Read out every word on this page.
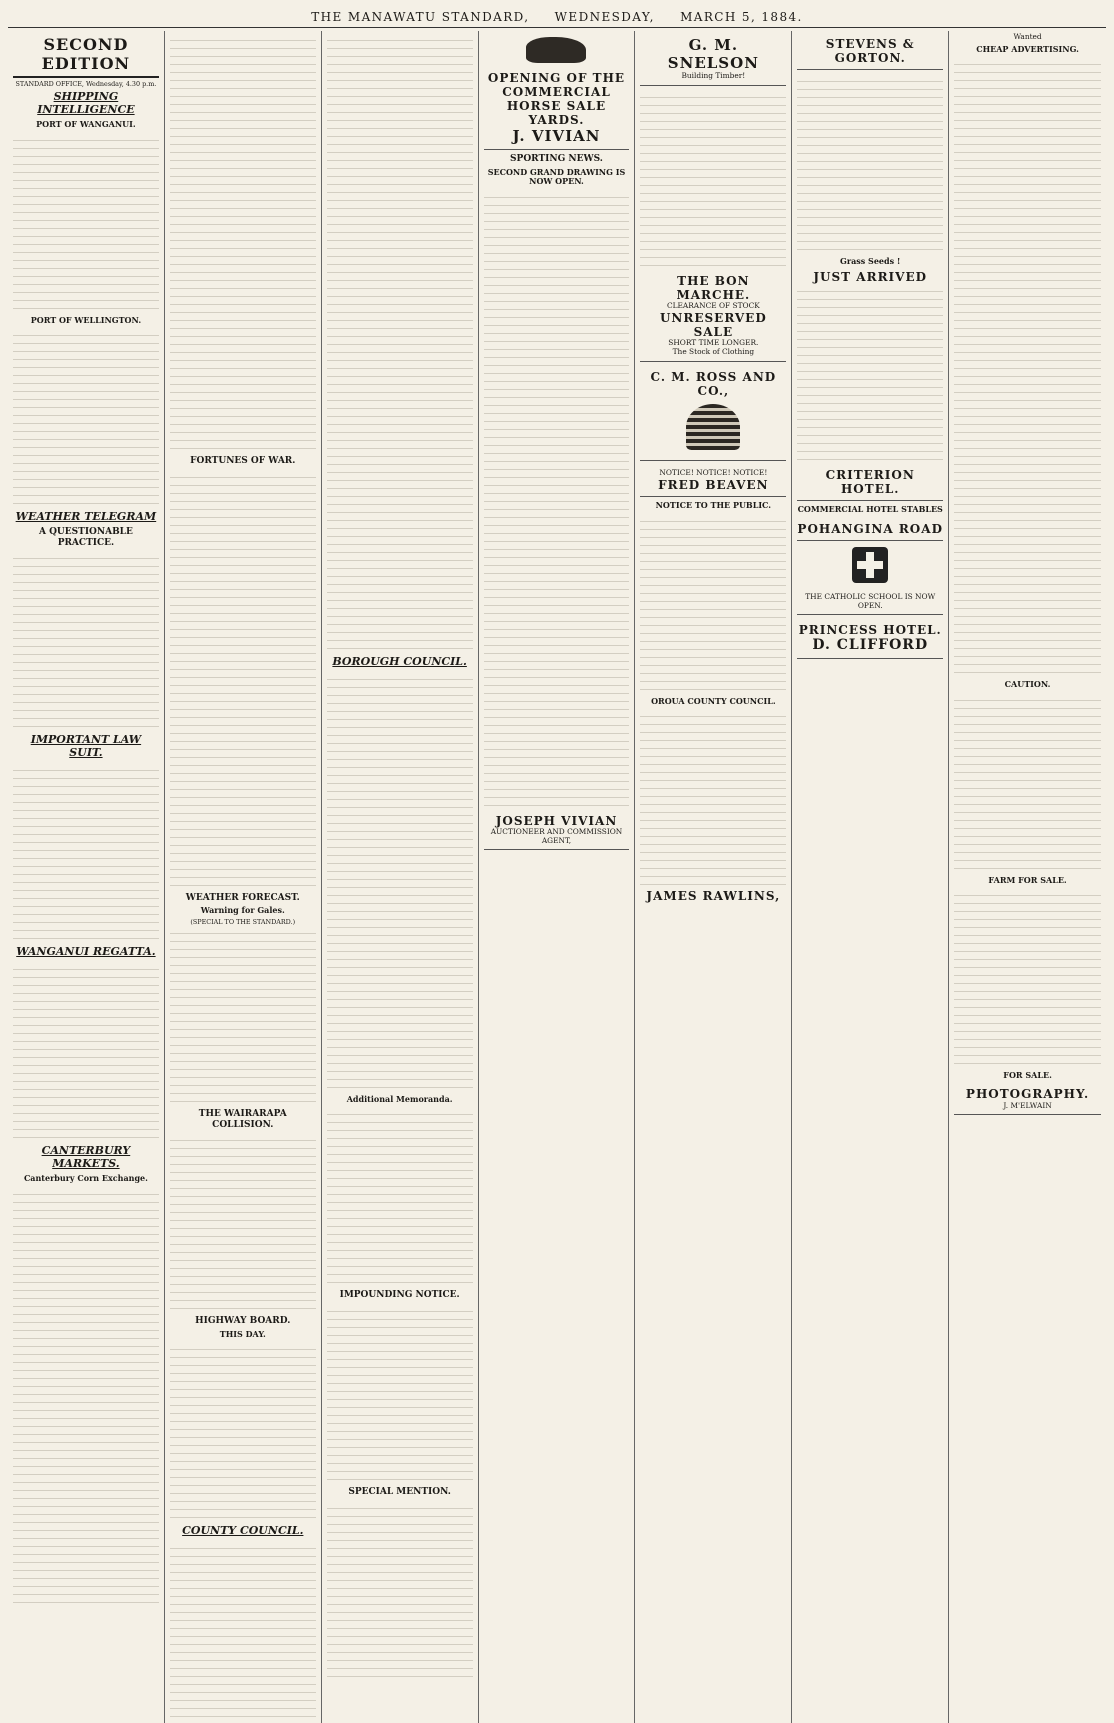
THE MANAWATU STANDARD, WEDNESDAY, MARCH 5, 1884.
SECOND EDITION
STANDARD OFFICE, Wednesday, 4.30 p.m.
SHIPPING INTELLIGENCE
PORT OF WANGANUI.
PORT OF WELLINGTON.
WEATHER TELEGRAM
A QUESTIONABLE PRACTICE.
IMPORTANT LAW SUIT.
WANGANUI REGATTA.
CANTERBURY MARKETS.
Canterbury Corn Exchange.
FORTUNES OF WAR.
WEATHER FORECAST.
Warning for Gales.
(SPECIAL TO THE STANDARD.)
THE WAIRARAPA COLLISION.
HIGHWAY BOARD.
THIS DAY.
COUNTY COUNCIL.
BOROUGH COUNCIL.
Additional Memoranda.
IMPOUNDING NOTICE.
SPECIAL MENTION.
OPENING OF THE COMMERCIAL HORSE SALE YARDS.
J. VIVIAN
SPORTING NEWS.
SECOND GRAND DRAWING IS NOW OPEN.
JOSEPH VIVIAN
AUCTIONEER AND COMMISSION AGENT,
G. M. SNELSON
Building Timber!
THE BON MARCHE.
CLEARANCE OF STOCK
UNRESERVED SALE
SHORT TIME LONGER.
The Stock of Clothing
C. M. ROSS AND CO.,
NOTICE! NOTICE! NOTICE!
FRED BEAVEN
NOTICE TO THE PUBLIC.
OROUA COUNTY COUNCIL.
JAMES RAWLINS,
STEVENS & GORTON.
Grass Seeds !
JUST ARRIVED
CRITERION HOTEL.
COMMERCIAL HOTEL STABLES
POHANGINA ROAD
THE CATHOLIC SCHOOL IS NOW OPEN.
PRINCESS HOTEL.
D. CLIFFORD
Wanted
CHEAP ADVERTISING.
CAUTION.
FARM FOR SALE.
FOR SALE.
PHOTOGRAPHY.
J. M'ELWAIN
